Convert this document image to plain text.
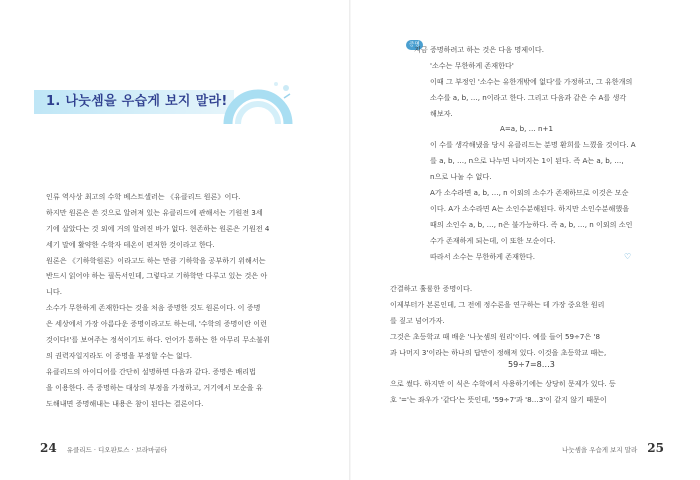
1. 나눗셈을 우습게 보지 말라!
인류 역사상 최고의 수학 베스트셀러는 《유클리드 원론》이다.
하지만 원론은 쓴 것으로 알려져 있는 유클리드에 관해서는 기원전 3세
기에 살았다는 것 외에 거의 알려진 바가 없다. 현존하는 원론은 기원전 4
세기 말에 활약한 수학자 테온이 편저한 것이라고 한다.
원론은 《기하학원론》이라고도 하는 만큼 기하학을 공부하기 위해서는
반드시 읽어야 하는 필독서인데, 그렇다고 기하학만 다루고 있는 것은 아
니다.
소수가 무한하게 존재한다는 것을 처음 증명한 것도 원론이다. 이 증명
은 세상에서 가장 아름다운 증명이라고도 하는데, '수학의 증명이란 이런
것이다!'를 보여주는 정석이기도 하다. 언어가 통하는 한 아무리 무소불위
의 권력자일지라도 이 증명을 부정할 수는 없다.
유클리드의 아이디어를 간단히 설명하면 다음과 같다. 증명은 배리법
을 이용한다. 즉 증명하는 대상의 부정을 가정하고, 거기에서 모순을 유
도해내면 증명해내는 내용은 참이 된다는 결론이다.
24 유클리드 · 디오판토스 · 브라마굽타
증명
지금 증명하려고 하는 것은 다음 명제이다.
'소수는 무한하게 존재한다'
이때 그 부정인 '소수는 유한개밖에 없다'를 가정하고, 그 유한개의
소수를 a, b, …, n이라고 한다. 그리고 다음과 같은 수 A를 생각
해보자.
A=a, b, … n+1
이 수를 생각해냈을 당시 유클리드는 분명 환희를 느꼈을 것이다. A
를 a, b, …, n으로 나누면 나머지는 1이 된다. 즉 A는 a, b, …,
n으로 나눌 수 없다.
A가 소수라면 a, b, …, n 이외의 소수가 존재하므로 이것은 모순
이다. A가 소수라면 A는 소인수분해된다. 하지만 소인수분해했을
때의 소인수 a, b, …, n은 불가능하다. 즉 a, b, …, n 이외의 소인
수가 존재하게 되는데, 이 또한 모순이다.
따라서 소수는 무한하게 존재한다.	♡
간결하고 훌륭한 증명이다.
이제부터가 본론인데, 그 전에 정수론을 연구하는 데 가장 중요한 원리
를 짚고 넘어가자.
그것은 초등학교 때 배운 '나눗셈의 원리'이다. 예를 들어 59÷7은 '8
과 나머지 3'이라는 하나의 답만이 정해져 있다. 이것을 초등학교 때는,
으로 썼다. 하지만 이 식은 수학에서 사용하기에는 상당히 문제가 있다. 등
호 '='는 좌우가 '같다'는 뜻인데, '59÷7'과 '8…3'이 같지 않기 때문이
59÷7=8…3
나눗셈을 우습게 보지 말라 25
